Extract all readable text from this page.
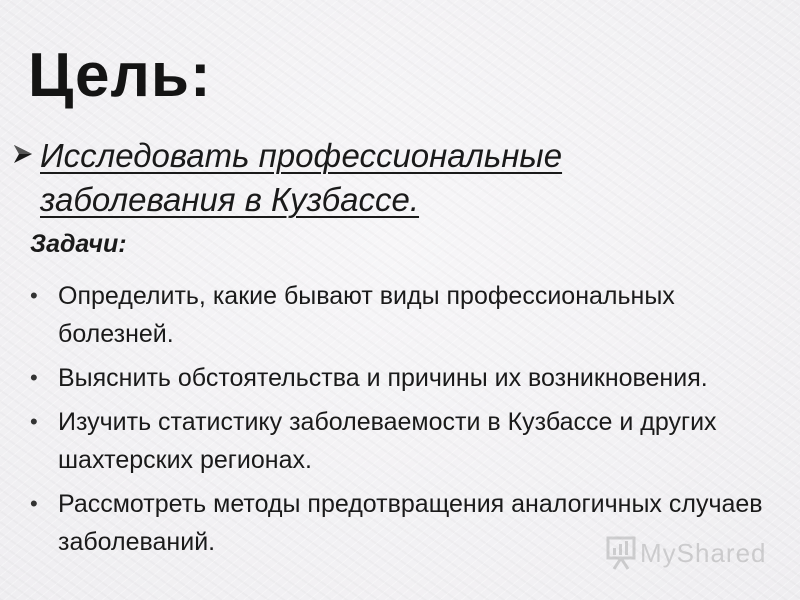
Цель:
Исследовать профессиональные
заболевания в Кузбассе.
Задачи:
• Определить, какие бывают виды профессиональных болезней.
• Выяснить обстоятельства и причины их возникновения.
• Изучить статистику заболеваемости в Кузбассе и других шахтерских регионах.
• Рассмотреть методы предотвращения аналогичных случаев заболеваний.	MyShared
